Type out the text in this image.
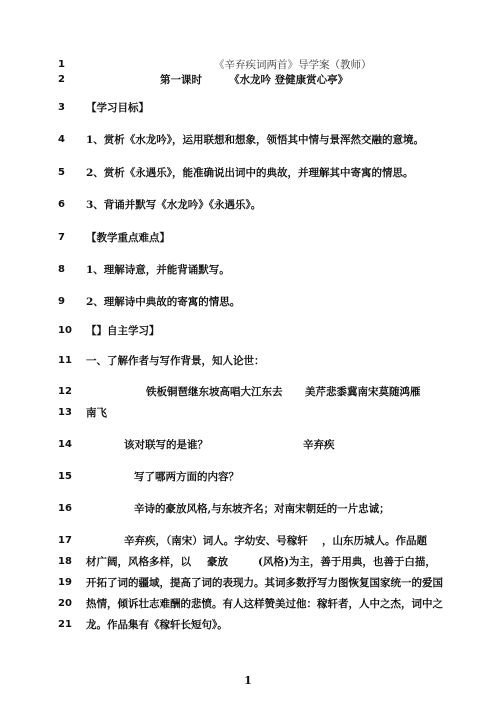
1	《辛弃疾词两首》导学案（教师）
2	第一课时	《水龙吟 登健康赏心亭》
3	【学习目标】
4	1、赏析《水龙吟》，运用联想和想象，领悟其中情与景浑然交融的意境。
5	2、赏析《永遇乐》，能准确说出词中的典故，并理解其中寄寓的情思。
6	3、背诵并默写《水龙吟》《永遇乐》。
7	【教学重点难点】
8	1、理解诗意，并能背诵默写。
9	2、理解诗中典故的寄寓的情思。
10	【】自主学习】
11	一、了解作者与写作背景，知人论世：
12	铁板铜琶继东坡高唱大江东去 美芹悲黍冀南宋莫随鸿雁
13	南飞
14	该对联写的是谁？	辛弃疾
15	写了哪两方面的内容？
16	辛诗的豪放风格,与东坡齐名；对南宋朝廷的一片忠诚；
17	辛弃疾，（南宋）词人。字幼安、号稼轩 ，山东历城人。作品题
18	材广阔，风格多样，以 豪放	(风格)为主，善于用典，也善于白描，
19	开拓了词的疆域，提高了词的表现力。其词多数抒写力图恢复国家统一的爱国
20	热情，倾诉壮志难酬的悲愤。有人这样赞美过他：稼轩者，人中之杰，词中之
21	龙。作品集有《稼轩长短句》。
1
